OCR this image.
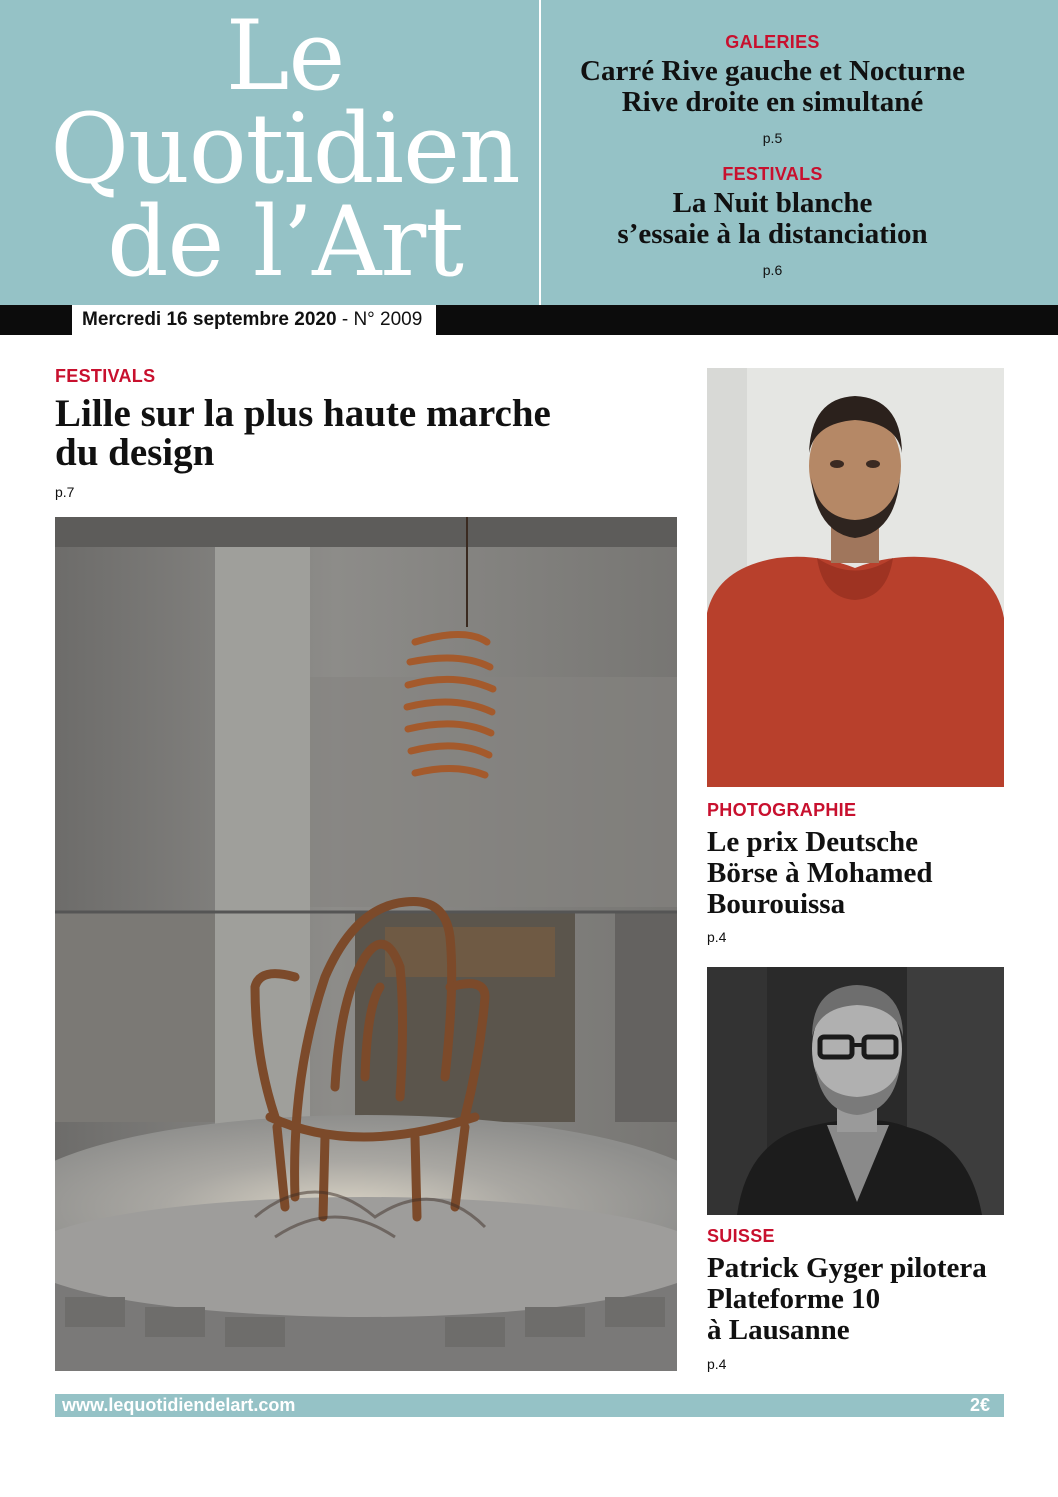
Le
Quotidien
de l’Art
GALERIES
Carré Rive gauche et Nocturne
Rive droite en simultané
p.5
FESTIVALS
La Nuit blanche
s’essaie à la distanciation
p.6
Mercredi 16 septembre 2020 - N° 2009
FESTIVALS
Lille sur la plus haute marche
du design
p.7
PHOTOGRAPHIE
Le prix Deutsche
Börse à Mohamed
Bourouissa
p.4
SUISSE
Patrick Gyger pilotera
Plateforme 10
à Lausanne
p.4
www.lequotidiendelart.com	2€
